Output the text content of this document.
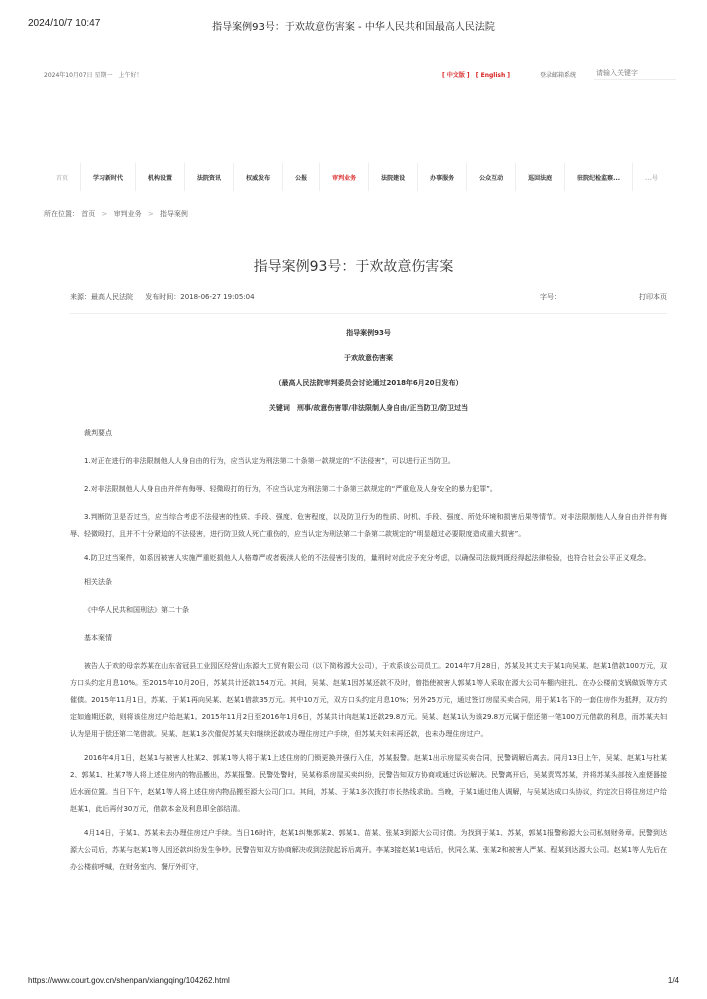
2024/10/7 10:47	指导案例93号：于欢故意伤害案 - 中华人民共和国最高人民法院
2024年10月07日 星期一　上午好！	[ 中文版 ] [ English ]	登录邮箱系统
请输入关键字
首页	学习新时代	机构设置	法院资讯	权威发布	公报	审判业务	法院建设	办事服务	公众互动	巡回法庭	驻院纪检监察...	...号
所在位置： 首页 > 审判业务 > 指导案例
指导案例93号：于欢故意伤害案
来源：最高人民法院 发布时间：2018-06-27 19:05:04	字号：	打印本页
指导案例93号
于欢故意伤害案
（最高人民法院审判委员会讨论通过2018年6月20日发布）
关键词　刑事/故意伤害罪/非法限制人身自由/正当防卫/防卫过当

裁判要点

1.对正在进行的非法限制他人人身自由的行为，应当认定为刑法第二十条第一款规定的“不法侵害”，可以进行正当防卫。

2.对非法限制他人人身自由并伴有侮辱、轻微殴打的行为，不应当认定为刑法第二十条第三款规定的“严重危及人身安全的暴力犯罪”。

3.判断防卫是否过当，应当综合考虑不法侵害的性质、手段、强度、危害程度，以及防卫行为的性质、时机、手段、强度、所处环境和损害后果等情节。对非法限制他人人身自由并伴有侮辱、轻微殴打，且并不十分紧迫的不法侵害，进行防卫致人死亡重伤的，应当认定为刑法第二十条第二款规定的“明显超过必要限度造成重大损害”。

4.防卫过当案件，如系因被害人实施严重贬损他人人格尊严或者亵渎人伦的不法侵害引发的，量刑时对此应予充分考虑，以确保司法裁判既经得起法律检验，也符合社会公平正义观念。

相关法条

《中华人民共和国刑法》第二十条

基本案情

被告人于欢的母亲苏某在山东省冠县工业园区经营山东源大工贸有限公司（以下简称源大公司），于欢系该公司员工。2014年7月28日，苏某及其丈夫于某1向吴某、赵某1借款100万元，双方口头约定月息10%。至2015年10月20日，苏某共计还款154万元。其间，吴某、赵某1因苏某还款不及时，曾指使被害人郭某1等人采取在源大公司车棚内驻扎、在办公楼前支锅做饭等方式催债。2015年11月1日，苏某、于某1再向吴某、赵某1借款35万元。其中10万元，双方口头约定月息10%；另外25万元，通过签订房屋买卖合同，用于某1名下的一套住房作为抵押，双方约定如逾期还款，则将该住房过户给赵某1。2015年11月2日至2016年1月6日，苏某共计向赵某1还款29.8万元。吴某、赵某1认为该29.8万元属于偿还第一笔100万元借款的利息，而苏某夫妇认为是用于偿还第二笔借款。吴某、赵某1多次催促苏某夫妇继续还款或办理住房过户手续，但苏某夫妇未再还款，也未办理住房过户。

2016年4月1日，赵某1与被害人杜某2、郭某1等人将于某1上述住房的门锁更换并强行入住，苏某报警。赵某1出示房屋买卖合同，民警调解后离去。同月13日上午，吴某、赵某1与杜某2、郭某1、杜某7等人将上述住房内的物品搬出，苏某报警。民警处警时，吴某称系房屋买卖纠纷，民警告知双方协商或通过诉讼解决。民警离开后，吴某责骂苏某，并将苏某头部按入座便器接近水面位置。当日下午，赵某1等人将上述住房内物品搬至源大公司门口。其间，苏某、于某1多次拨打市长热线求助。当晚，于某1通过他人调解，与吴某达成口头协议，约定次日将住房过户给赵某1，此后再付30万元，借款本金及利息即全部结清。

4月14日，于某1、苏某未去办理住房过户手续。当日16时许，赵某1纠集郭某2、郭某1、苗某、张某3到源大公司讨债。为找到于某1、苏某，郭某1报警称源大公司私刻财务章。民警到达源大公司后，苏某与赵某1等人因还款纠纷发生争吵。民警告知双方协商解决或到法院起诉后离开。李某3接赵某1电话后，伙同么某、张某2和被害人严某、程某到达源大公司。赵某1等人先后在办公楼前呼喊，在财务室内、餐厅外盯守，

https://www.court.gov.cn/shenpan/xiangqing/104262.html	1/4
